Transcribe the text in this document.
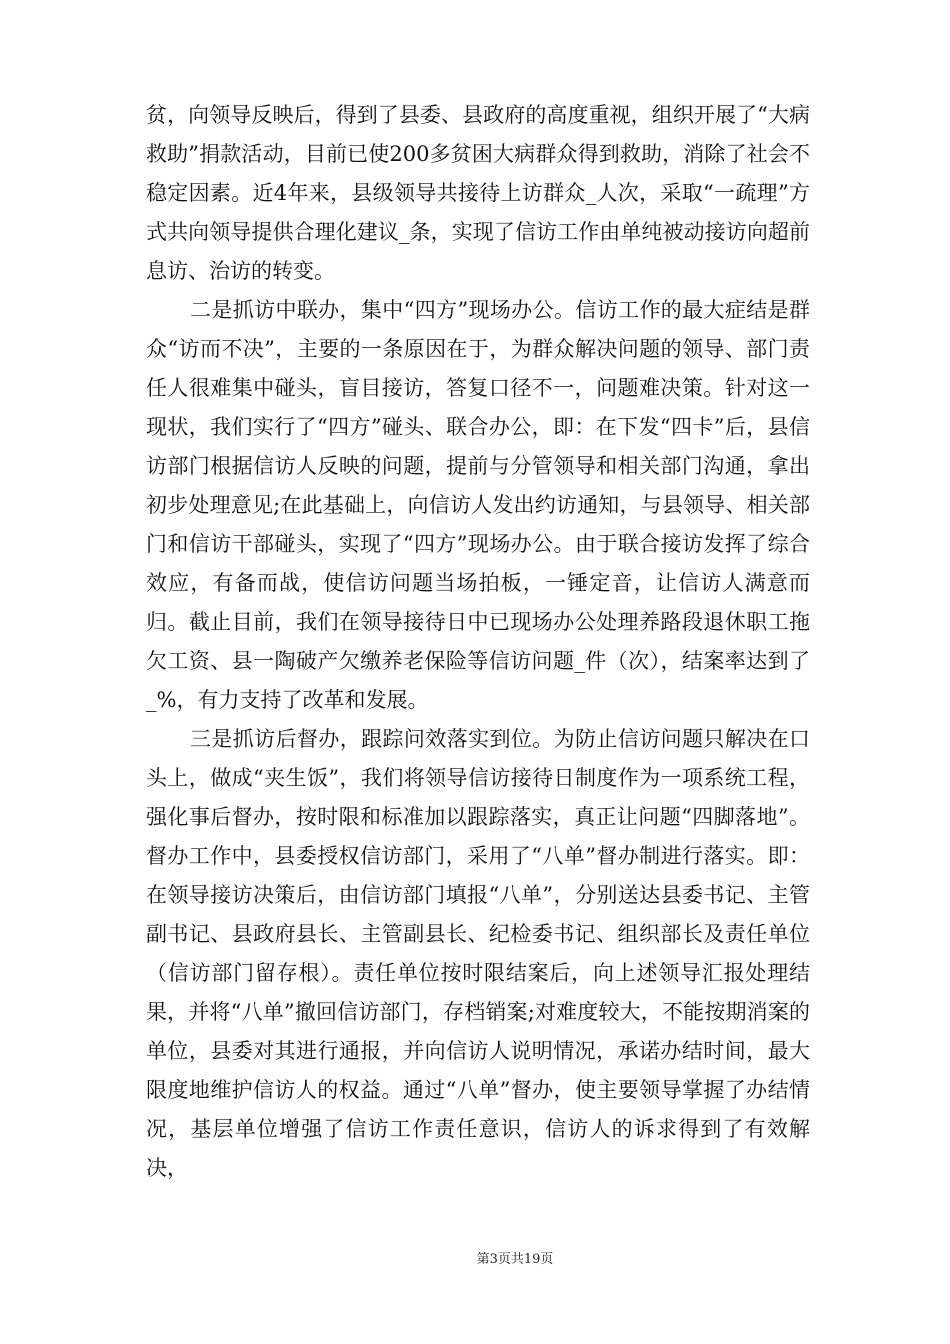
贫，向领导反映后，得到了县委、县政府的高度重视，组织开展了“大病救助”捐款活动，目前已使200多贫困大病群众得到救助，消除了社会不稳定因素。近4年来，县级领导共接待上访群众_人次，采取“一疏理”方式共向领导提供合理化建议_条，实现了信访工作由单纯被动接访向超前息访、治访的转变。

二是抓访中联办，集中“四方”现场办公。信访工作的最大症结是群众“访而不决”，主要的一条原因在于，为群众解决问题的领导、部门责任人很难集中碰头，盲目接访，答复口径不一，问题难决策。针对这一现状，我们实行了“四方”碰头、联合办公，即：在下发“四卡”后，县信访部门根据信访人反映的问题，提前与分管领导和相关部门沟通，拿出初步处理意见;在此基础上，向信访人发出约访通知，与县领导、相关部门和信访干部碰头，实现了“四方”现场办公。由于联合接访发挥了综合效应，有备而战，使信访问题当场拍板，一锤定音，让信访人满意而归。截止目前，我们在领导接待日中已现场办公处理养路段退休职工拖欠工资、县一陶破产欠缴养老保险等信访问题_件（次），结案率达到了_%，有力支持了改革和发展。

三是抓访后督办，跟踪问效落实到位。为防止信访问题只解决在口头上，做成“夹生饭”，我们将领导信访接待日制度作为一项系统工程，强化事后督办，按时限和标准加以跟踪落实，真正让问题“四脚落地”。督办工作中，县委授权信访部门，采用了“八单”督办制进行落实。即：在领导接访决策后，由信访部门填报“八单”，分别送达县委书记、主管副书记、县政府县长、主管副县长、纪检委书记、组织部长及责任单位（信访部门留存根）。责任单位按时限结案后，向上述领导汇报处理结果，并将“八单”撤回信访部门，存档销案;对难度较大，不能按期消案的单位，县委对其进行通报，并向信访人说明情况，承诺办结时间，最大限度地维护信访人的权益。通过“八单”督办，使主要领导掌握了办结情况，基层单位增强了信访工作责任意识，信访人的诉求得到了有效解决，

第3页共19页
